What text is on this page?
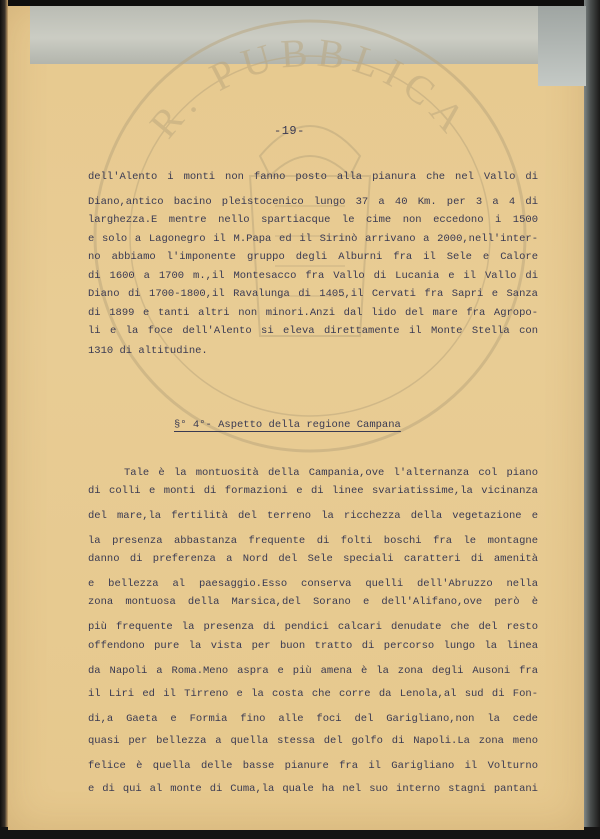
R. PUBBLICA
-19-
dell'Alento i monti non fanno posto alla pianura che nel Vallo di
Diano,antico bacino pleistocenico lungo 37 a 40 Km. per 3 a 4 di
larghezza.E mentre nello spartiacque le cime non eccedono i 1500
e solo a Lagonegro il M.Papa ed il Sirinò arrivano a 2000,nell'inter-
no abbiamo l'imponente gruppo degli Alburni fra il Sele e Calore
di 1600 a 1700 m.,il Montesacco fra Vallo di Lucania e il Vallo di
Diano di 1700-1800,il Ravalunga di 1405,il Cervati fra Sapri e Sanza
di 1899 e tanti altri non minori.Anzi dal lido del mare fra Agropo-
li e la foce dell'Alento si eleva direttamente il Monte Stella con
1310 di altitudine.
§° 4°- Aspetto della regione Campana
Tale è la montuosità della Campania,ove l'alternanza col piano
di colli e monti di formazioni e di linee svariatissime,la vicinanza
del mare,la fertilità del terreno la ricchezza della vegetazione e
la presenza abbastanza frequente di folti boschi fra le montagne
danno di preferenza a Nord del Sele speciali caratteri di amenità
e bellezza al paesaggio.Esso conserva quelli dell'Abruzzo nella
zona montuosa della Marsica,del Sorano e dell'Alifano,ove però è
più frequente la presenza di pendici calcari denudate che del resto
offendono pure la vista per buon tratto di percorso lungo la linea
da Napoli a Roma.Meno aspra e più amena è la zona degli Ausoni fra
il Liri ed il Tirreno e la costa che corre da Lenola,al sud di Fon-
di,a Gaeta e Formia fino alle foci del Garigliano,non la cede
quasi per bellezza a quella stessa del golfo di Napoli.La zona meno
felice è quella delle basse pianure fra il Garigliano il Volturno
e di qui al monte di Cuma,la quale ha nel suo interno stagni pantani
